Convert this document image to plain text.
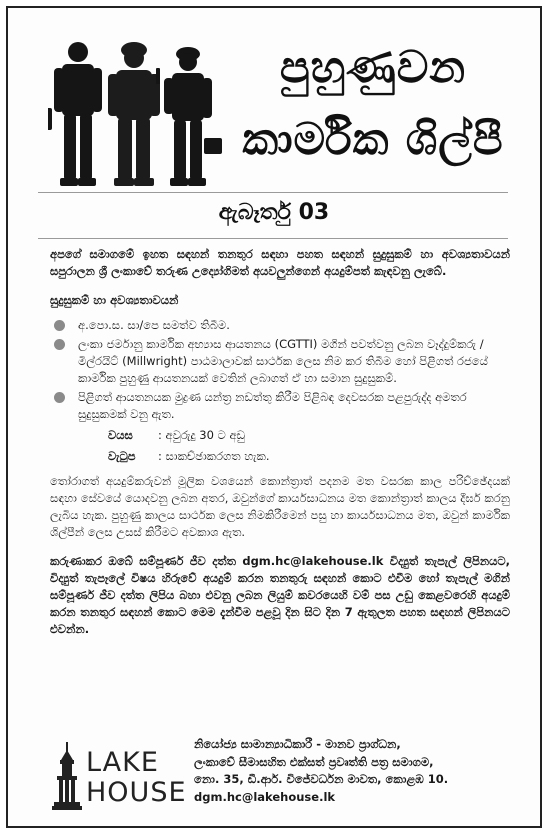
පුහුණුවන
කාර්මික ශිල්පී
ඇබෑර්තු 03

අපගේ සමාගමේ ඉහත සඳහන් තනතුර සඳහා පහත සඳහන් සුදුසුකම් හා අවශ්‍යතාවයන් සපුරාලන ශ්‍රී ලංකාවේ තරුණ උද්‍යෝගිමත් අයවලුන්ගෙන් අයදුම්පත් කැඳවනු ලැබේ.

සුදුසුකම් හා අවශ්‍යතාවයන්
අ.පො.ස. සා/පෙ සමත්ව තිබීම.
ලංකා ජර්මානු කාර්මික අභ්‍යාස ආයතනය (CGTTI) මගින් පවත්වනු ලබන වෑද්දුම්කරු / මිල්රයිට් (Millwright) පාඨමාලාවක් සාර්ථක ලෙස නිම කර තිබීම හෝ පිළිගත් රජයේ කාර්මික පුහුණු ආයතනයක් වෙතින් ලබාගත් ඒ හා සමාන සුදුසුකම්.
පිළිගත් ආයතනයක මුද්‍රණ යන්ත්‍ර නඩත්තු කිරීම පිළිබඳ දෙවසරක පළපුරුද්ද අමතර සුදුසුකමක් වනු ඇත.
වයස	: අවුරුදු 30 ට අඩු
වැටුප	: සාකච්ඡාකරගත හැක.

තෝරාගත් අයදුම්කරුවන් මූලික වශයෙන් කොන්ත්‍රාත් පදනම මත වසරක කාල පරිච්ඡේදයක් සඳහා සේවයේ යොදවනු ලබන අතර, ඔවුන්ගේ කාර්යසාධනය මත කොන්ත්‍රාත් කාලය දීර්ඝ කරනු ලැබිය හැක. පුහුණු කාලය සාර්ථක ලෙස නිමකිරීමෙන් පසු හා කාර්යසාධනය මත, ඔවුන් කාර්මික ශිල්පීන් ලෙස උසස් කිරීමට අවකාශ ඇත.

කරුණාකර ඔබේ සම්පූර්ණ ජීව දත්ත dgm.hc@lakehouse.lk විද්‍යුත් තැපැල් ලිපිනයට, විද්‍යුත් තැපෑලේ විෂය හිරුවේ අයදුම් කරන තනතුරු සඳහන් කොට එවීම හෝ තැපැල් මගින් සම්පූර්ණ ජීව දත්ත ලිපිය බහා එවනු ලබන ලියුම් කවරයෙහි වම් පස උඩු කෙළවරෙහි අයදුම් කරන තනතුර සඳහන් කොට මෙම දැන්වීම පළවූ දින සිට දින 7 ඇතුලත පහත සඳහන් ලිපිනයට එවන්න.

LAKE
HOUSE
නියෝජ්‍ය සාමාන්‍යාධිකාරී - මානව ප්‍රාග්ධන,
ලංකාවේ සීමාසහිත එක්සත් ප්‍රවෘත්ති පත්‍ර සමාගම,
නො. 35, ඩී.ආර්. විජේවර්ධන මාවත, කොළඹ 10.
dgm.hc@lakehouse.lk
